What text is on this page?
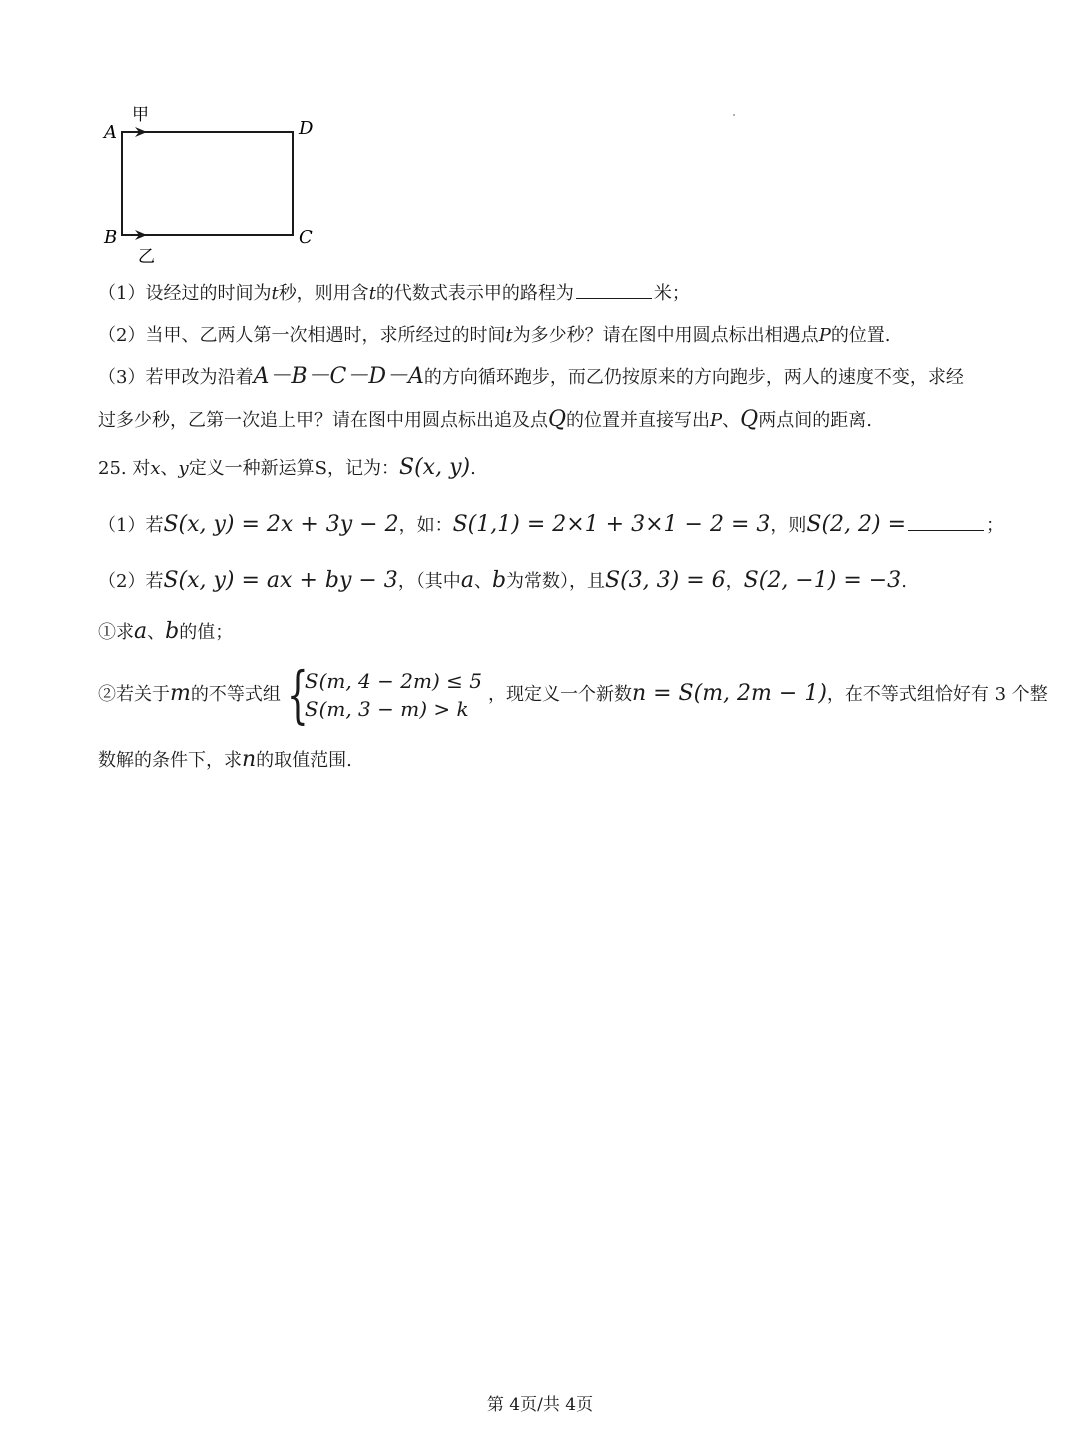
A	D
B	C
甲
乙
（1）设经过的时间为t秒，则用含t的代数式表示甲的路程为	米；
（2）当甲、乙两人第一次相遇时，求所经过的时间t为多少秒？请在图中用圆点标出相遇点P的位置.
（3）若甲改为沿着A－B－C－D－A的方向循环跑步，而乙仍按原来的方向跑步，两人的速度不变，求经
过多少秒，乙第一次追上甲？请在图中用圆点标出追及点Q的位置并直接写出P、Q两点间的距离.
25. 对x、y定义一种新运算S，记为：S(x, y).
（1）若S(x, y) = 2x + 3y − 2，如：S(1,1) = 2×1 + 3×1 − 2 = 3，则S(2, 2) =	；
（2）若S(x, y) = ax + by − 3，（其中a、b为常数），且S(3, 3) = 6，S(2, −1) = −3.
①求a、b的值；
②若关于m的不等式组 {
S(m, 4 − 2m) ≤ 5
S(m, 3 − m) > k
，现定义一个新数n = S(m, 2m − 1)，在不等式组恰好有 3 个整
数解的条件下，求n的取值范围.
第 4页/共 4页
